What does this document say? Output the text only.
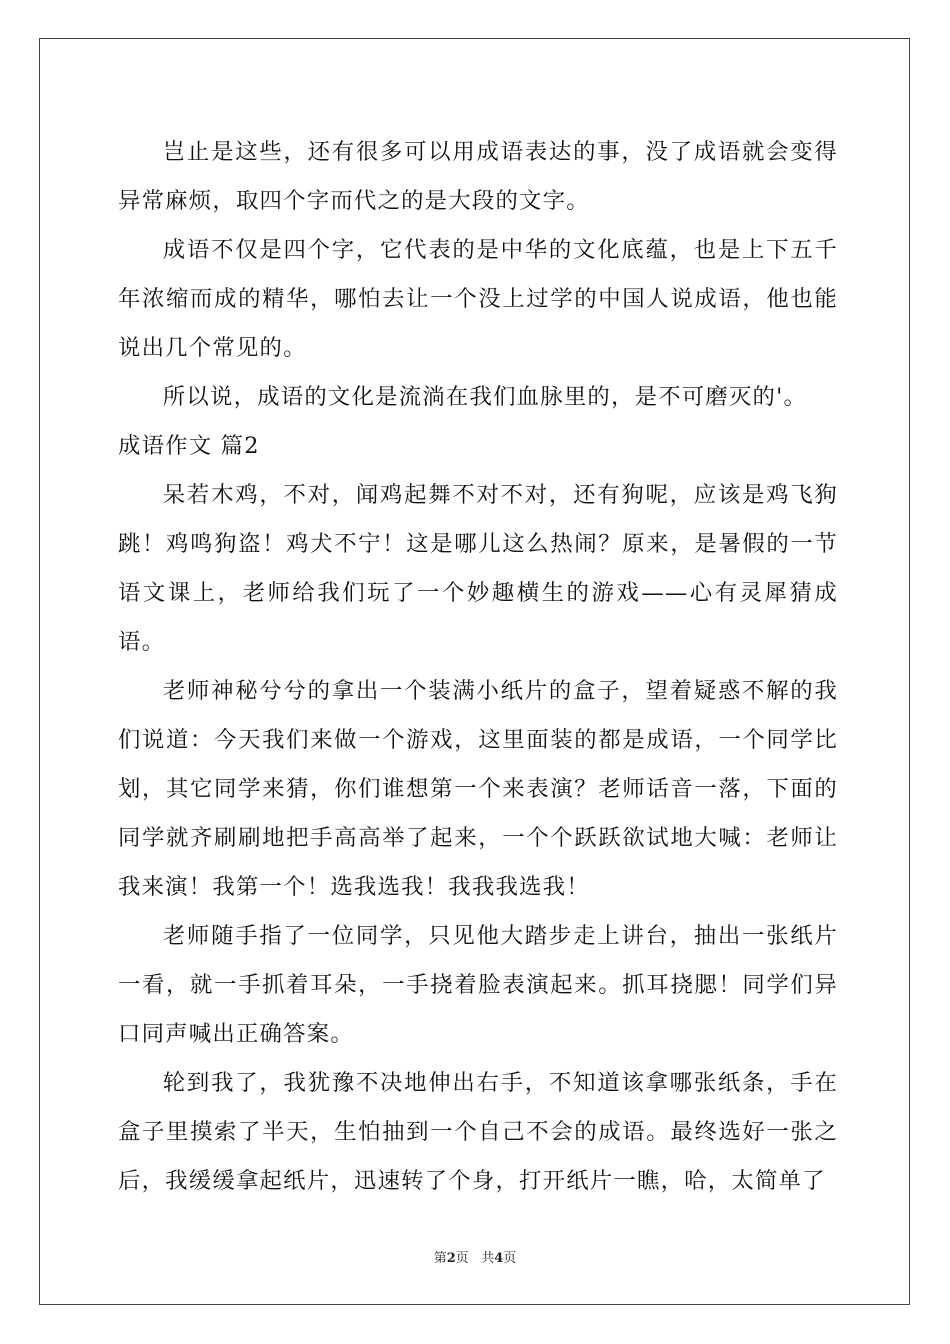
岂止是这些，还有很多可以用成语表达的事，没了成语就会变得异常麻烦，取四个字而代之的是大段的文字。

成语不仅是四个字，它代表的是中华的文化底蕴，也是上下五千年浓缩而成的精华，哪怕去让一个没上过学的中国人说成语，他也能说出几个常见的。

所以说，成语的文化是流淌在我们血脉里的，是不可磨灭的'。

成语作文 篇2

呆若木鸡，不对，闻鸡起舞不对不对，还有狗呢，应该是鸡飞狗跳！鸡鸣狗盗！鸡犬不宁！这是哪儿这么热闹？原来，是暑假的一节语文课上，老师给我们玩了一个妙趣横生的游戏——心有灵犀猜成语。

老师神秘兮兮的拿出一个装满小纸片的盒子，望着疑惑不解的我们说道：今天我们来做一个游戏，这里面装的都是成语，一个同学比划，其它同学来猜，你们谁想第一个来表演？老师话音一落，下面的同学就齐刷刷地把手高高举了起来，一个个跃跃欲试地大喊：老师让我来演！我第一个！选我选我！我我我选我！

老师随手指了一位同学，只见他大踏步走上讲台，抽出一张纸片一看，就一手抓着耳朵，一手挠着脸表演起来。抓耳挠腮！同学们异口同声喊出正确答案。

轮到我了，我犹豫不决地伸出右手，不知道该拿哪张纸条，手在盒子里摸索了半天，生怕抽到一个自己不会的成语。最终选好一张之后，我缓缓拿起纸片，迅速转了个身，打开纸片一瞧，哈，太简单了

第2页 共4页
